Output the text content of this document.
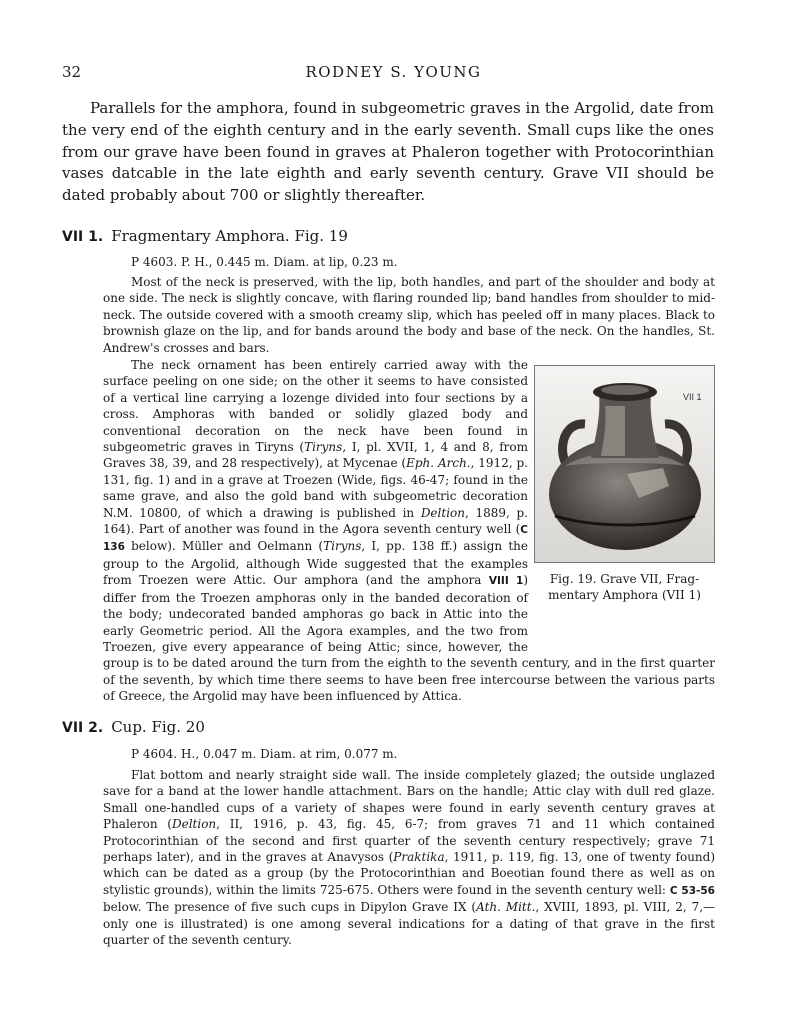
32	RODNEY S. YOUNG
Parallels for the amphora, found in subgeometric graves in the Argolid, date from the very end of the eighth century and in the early seventh. Small cups like the ones from our grave have been found in graves at Phaleron together with Protocorinthian vases datcable in the late eighth and early seventh century. Grave VII should be dated probably about 700 or slightly thereafter.
VII 1. Fragmentary Amphora. Fig. 19
P 4603. P. H., 0.445 m. Diam. at lip, 0.23 m.
Most of the neck is preserved, with the lip, both handles, and part of the shoulder and body at one side. The neck is slightly concave, with flaring rounded lip; band handles from shoulder to mid-neck. The outside covered with a smooth creamy slip, which has peeled off in many places. Black to brownish glaze on the lip, and for bands around the body and base of the neck. On the handles, St. Andrew's crosses and bars.
The neck ornament has been entirely carried away with the surface peeling on one side; on the other it seems to have consisted of a vertical line carrying a lozenge divided into four sections by a cross. Amphoras with banded or solidly glazed body and conventional decoration on the neck have been found in subgeometric graves in Tiryns (Tiryns, I, pl. XVII, 1, 4 and 8, from Graves 38, 39, and 28 respectively), at Mycenae (Eph. Arch., 1912, p. 131, fig. 1) and in a grave at Troezen (Wide, figs. 46-47; found in the same grave, and also the gold band with subgeometric decoration N.M. 10800, of which a drawing is published in Deltion, 1889, p. 164). Part of another was found in the Agora seventh century well (C 136 below). Müller and Oelmann (Tiryns, I, pp. 138 ff.) assign the group to the Argolid, although Wide suggested that the examples from Troezen were Attic. Our amphora (and the amphora VIII 1) differ from the Troezen amphoras only in the banded decoration of the body; undecorated banded amphoras go back in Attic into the early Geometric period. All the Agora examples, and the two from Troezen, give every appearance of being Attic; since, however, the group is to be dated around the turn from the eighth to the seventh century, and in the first quarter of the seventh, by which time there seems to have been free intercourse between the various parts of Greece, the Argolid may have been influenced by Attica.
VII 1
Fig. 19. Grave VII, Frag-
mentary Amphora (VII 1)
VII 2. Cup. Fig. 20
P 4604. H., 0.047 m. Diam. at rim, 0.077 m.
Flat bottom and nearly straight side wall. The inside completely glazed; the outside unglazed save for a band at the lower handle attachment. Bars on the handle; Attic clay with dull red glaze. Small one-handled cups of a variety of shapes were found in early seventh century graves at Phaleron (Deltion, II, 1916, p. 43, fig. 45, 6-7; from graves 71 and 11 which contained Protocorinthian of the second and first quarter of the seventh century respectively; grave 71 perhaps later), and in the graves at Anavysos (Praktika, 1911, p. 119, fig. 13, one of twenty found) which can be dated as a group (by the Protocorinthian and Boeotian found there as well as on stylistic grounds), within the limits 725-675. Others were found in the seventh century well: C 53-56 below. The presence of five such cups in Dipylon Grave IX (Ath. Mitt., XVIII, 1893, pl. VIII, 2, 7,—only one is illustrated) is one among several indications for a dating of that grave in the first quarter of the seventh century.
